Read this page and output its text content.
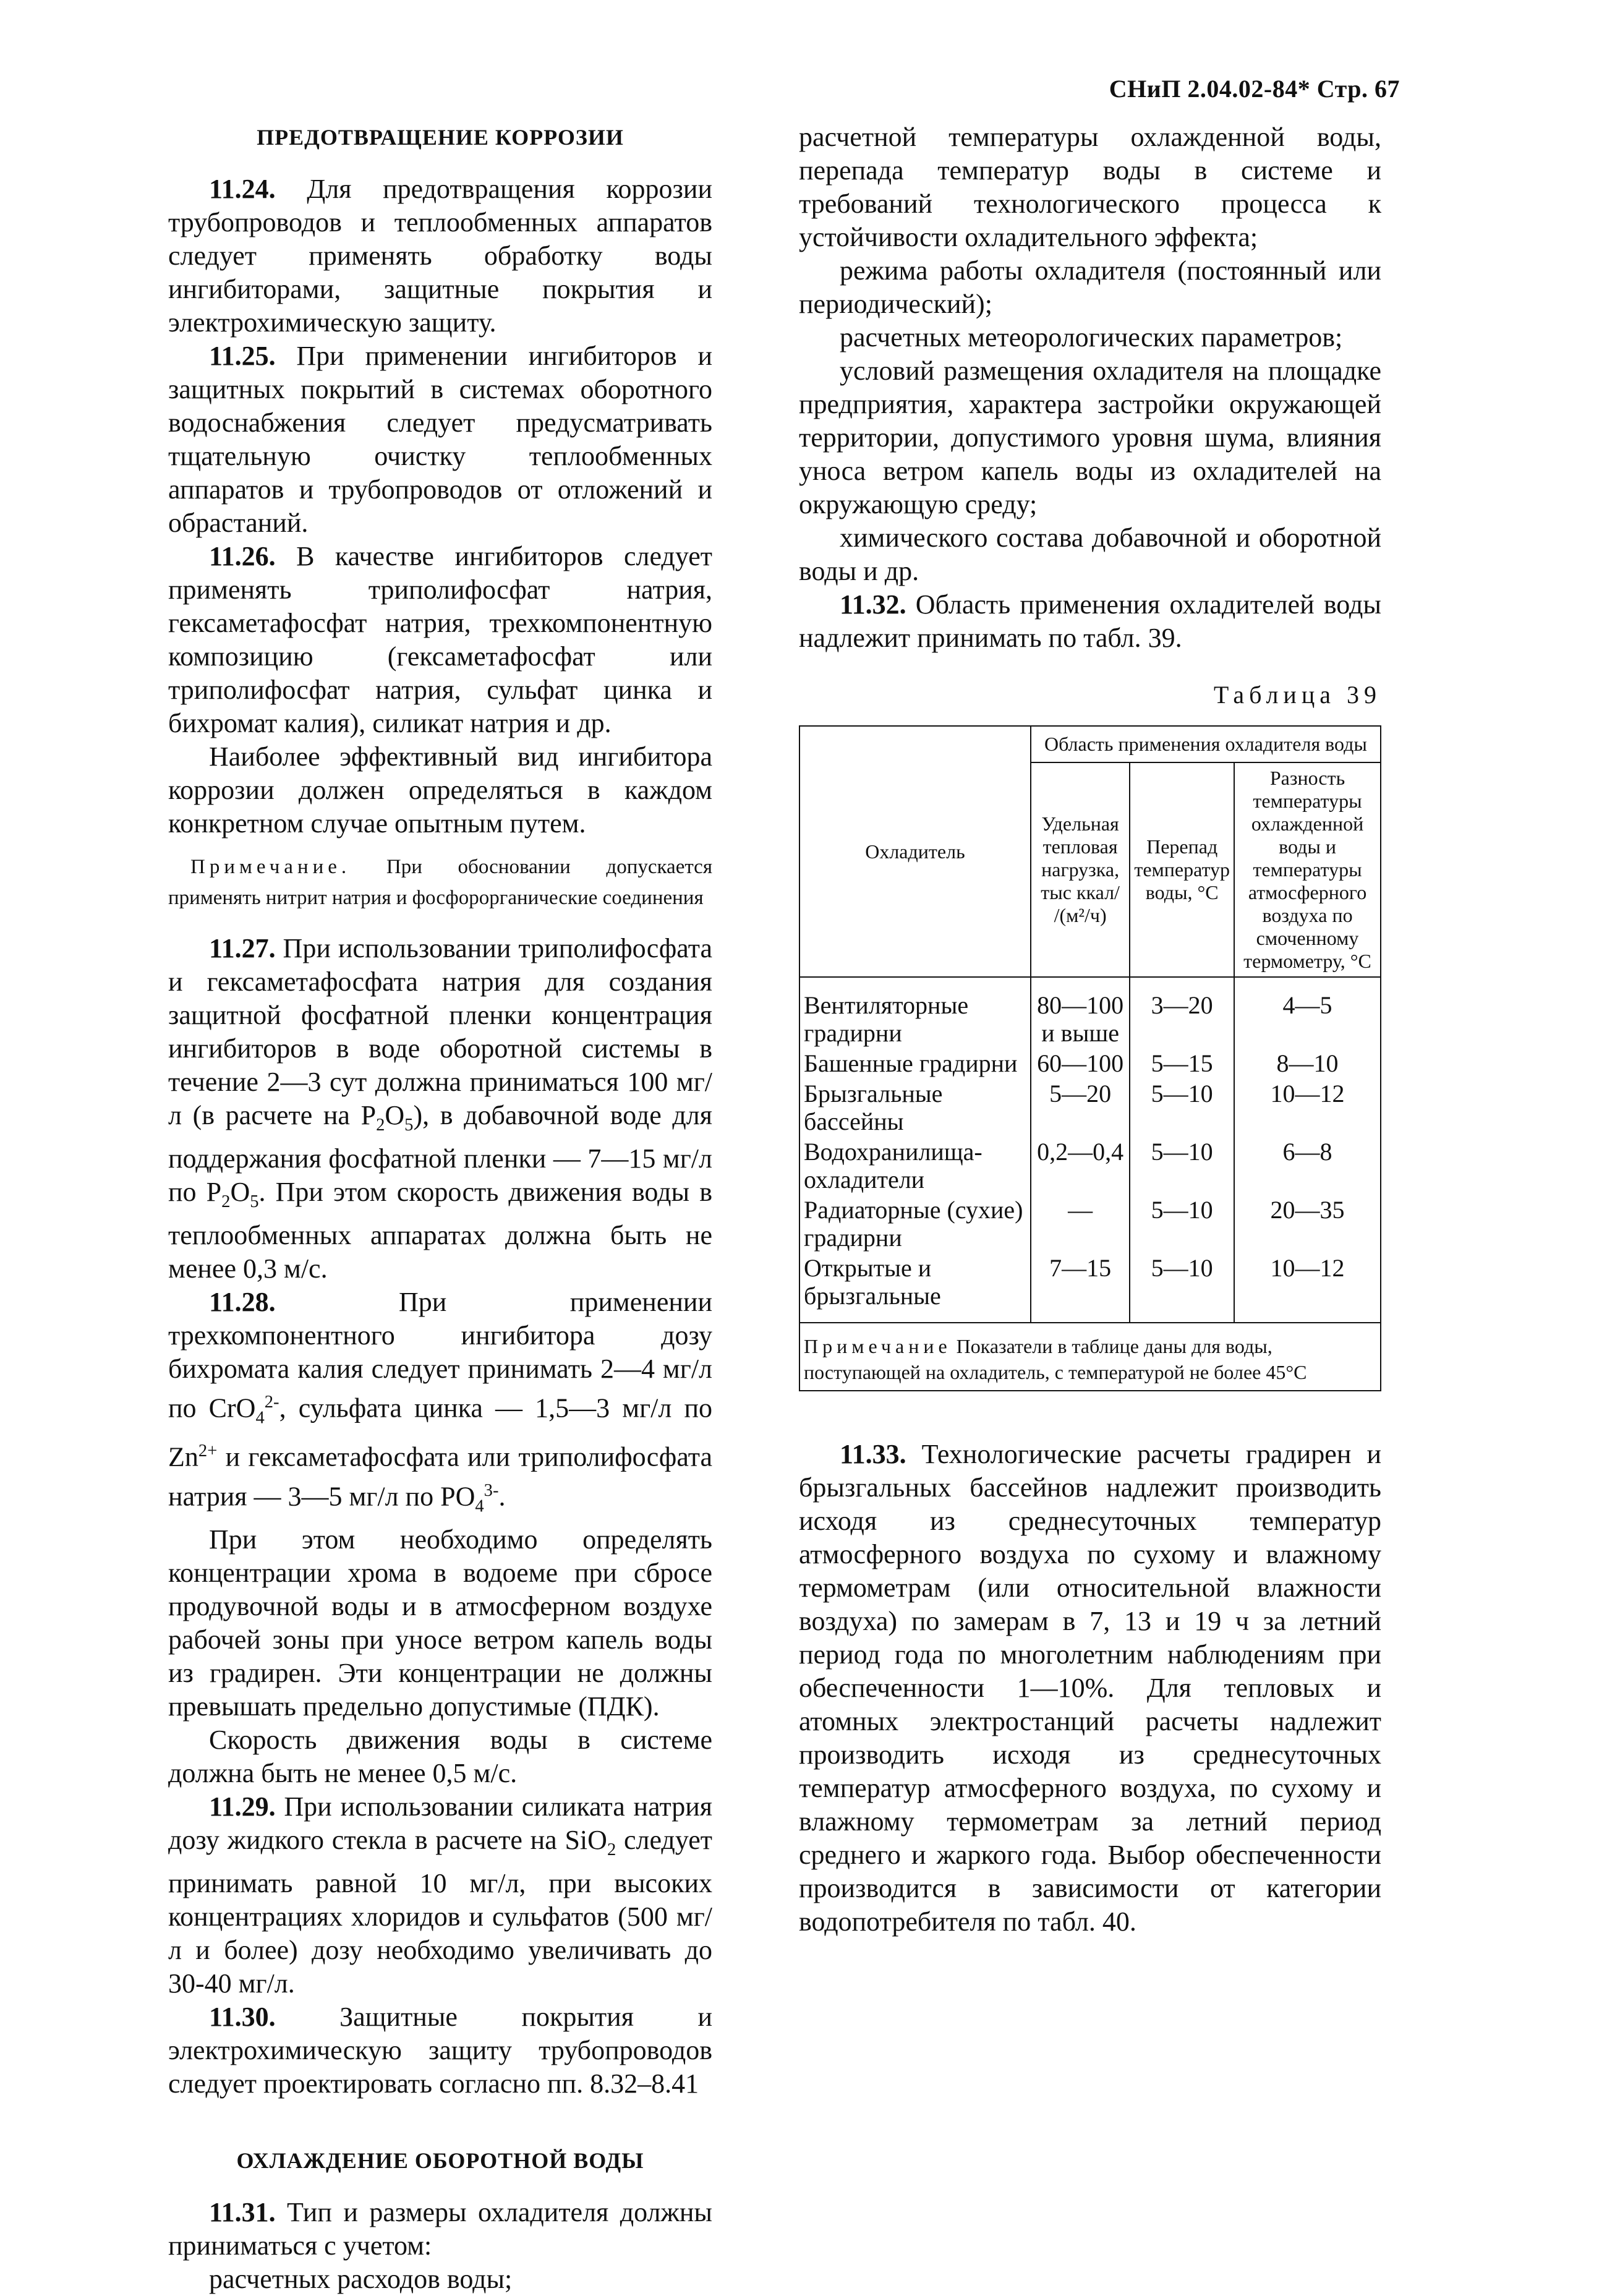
СНиП 2.04.02-84* Стр. 67
ПРЕДОТВРАЩЕНИЕ КОРРОЗИИ

11.24. Для предотвращения коррозии трубопроводов и теплообменных аппаратов следует применять обработку воды ингибиторами, защитные покрытия и электрохимическую защиту.

11.25. При применении ингибиторов и защитных покрытий в системах оборотного водоснабжения следует предусматривать тщательную очистку теплообменных аппаратов и трубопроводов от отложений и обрастаний.

11.26. В качестве ингибиторов следует применять триполифосфат натрия, гексаметафосфат натрия, трехкомпонентную композицию (гексаметафосфат или триполифосфат натрия, сульфат цинка и бихромат калия), силикат натрия и др.

Наиболее эффективный вид ингибитора коррозии должен определяться в каждом конкретном случае опытным путем.

Примечание. При обосновании допускается применять нитрит натрия и фосфорорганические соединения

11.27. При использовании триполифосфата и гексаметафосфата натрия для создания защитной фосфатной пленки концентрация ингибиторов в воде оборотной системы в течение 2—3 сут должна приниматься 100 мг/л (в расчете на $P_2O_5$), в добавочной воде для поддержания фосфатной пленки — 7—15 мг/л по $P_2O_5$. При этом скорость движения воды в теплообменных аппаратах должна быть не менее 0,3 м/с.

11.28. При применении трехкомпонентного ингибитора дозу бихромата калия следует принимать 2—4 мг/л по CrO$_4^{2-}$, сульфата цинка — 1,5—3 мг/л по $Zn^{2+}$ и гексаметафосфата или триполифосфата натрия — 3—5 мг/л по $PO_4^{3-}$.

При этом необходимо определять концентрации хрома в водоеме при сбросе продувочной воды и в атмосферном воздухе рабочей зоны при уносе ветром капель воды из градирен. Эти концентрации не должны превышать предельно допустимые (ПДК).

Скорость движения воды в системе должна быть не менее 0,5 м/с.

11.29. При использовании силиката натрия дозу жидкого стекла в расчете на SiO$_2$ следует принимать равной 10 мг/л, при высоких концентрациях хлоридов и сульфатов (500 мг/л и более) дозу необходимо увеличивать до 30-40 мг/л.

11.30. Защитные покрытия и электрохимическую защиту трубопроводов следует проектировать согласно пп. 8.32–8.41

ОХЛАЖДЕНИЕ ОБОРОТНОЙ ВОДЫ

11.31. Тип и размеры охладителя должны приниматься с учетом:

расчетных расходов воды;

расчетной температуры охлажденной воды, перепада температур воды в системе и требований технологического процесса к устойчивости охладительного эффекта;

режима работы охладителя (постоянный или периодический);

расчетных метеорологических параметров;

условий размещения охладителя на площадке предприятия, характера застройки окружающей территории, допустимого уровня шума, влияния уноса ветром капель воды из охладителей на окружающую среду;

химического состава добавочной и оборотной воды и др.

11.32. Область применения охладителей воды надлежит принимать по табл. 39.

Таблица 39
Охладитель	Область применения охладителя воды		
	Удельная тепловая нагрузка, тыс ккал/ /(м²/ч)	Перепад температур воды, °С	Разность температуры охлажденной воды и температуры атмосферного воздуха по смоченному термометру, °С
Вентиляторные градирни	80—100 и выше	3—20	4—5
Башенные градирни	60—100	5—15	8—10
Брызгальные бассейны	5—20	5—10	10—12
Водохранилища-охладители	0,2—0,4	5—10	6—8
Радиаторные (сухие) градирни	—	5—10	20—35
Открытые и брызгальные	7—15	5—10	10—12
Примечание Показатели в таблице даны для воды, поступающей на охладитель, с температурой не более 45°С			

11.33. Технологические расчеты градирен и брызгальных бассейнов надлежит производить исходя из среднесуточных температур атмосферного воздуха по сухому и влажному термометрам (или относительной влажности воздуха) по замерам в 7, 13 и 19 ч за летний период года по многолетним наблюдениям при обеспеченности 1—10%. Для тепловых и атомных электростанций расчеты надлежит производить исходя из среднесуточных температур атмосферного воздуха, по сухому и влажному термометрам за летний период среднего и жаркого года. Выбор обеспеченности производится в зависимости от категории водопотребителя по табл. 40.
